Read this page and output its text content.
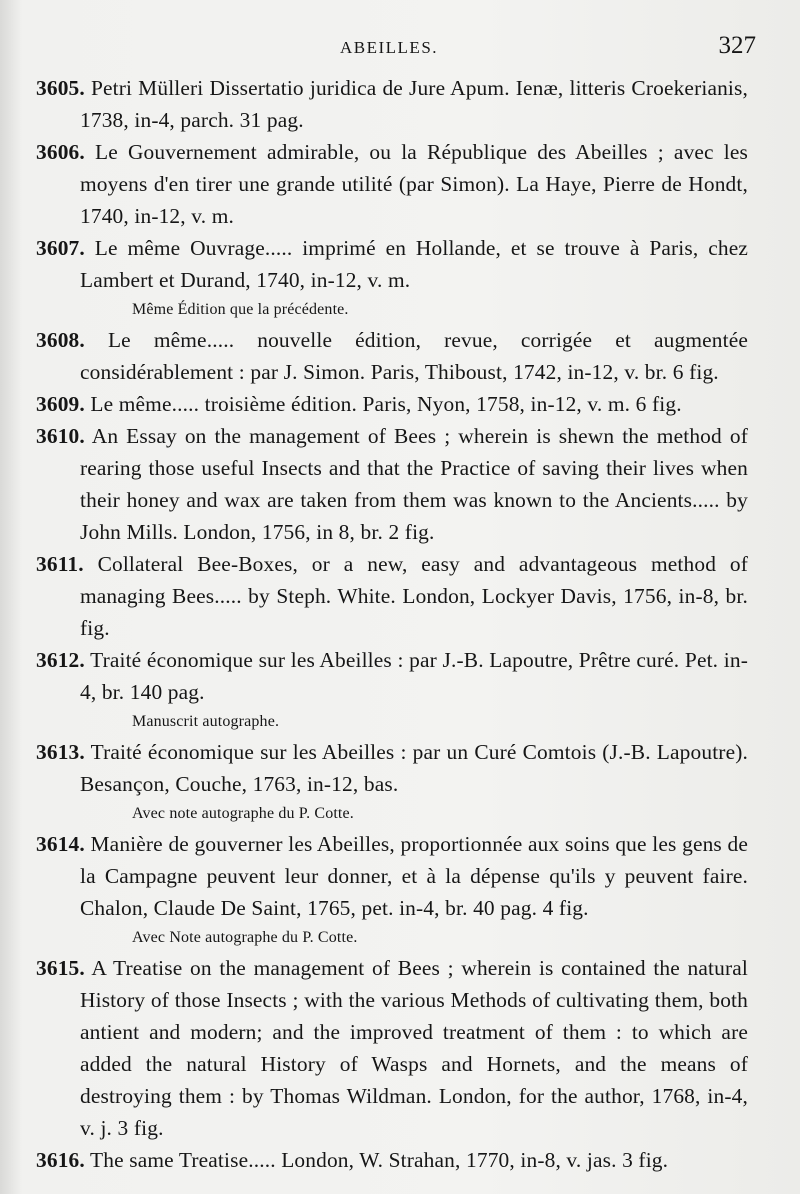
ABEILLES.	327
3605. Petri Mülleri Dissertatio juridica de Jure Apum. Ienæ, litteris Croekerianis, 1738, in-4, parch. 31 pag.
3606. Le Gouvernement admirable, ou la République des Abeilles ; avec les moyens d'en tirer une grande utilité (par Simon). La Haye, Pierre de Hondt, 1740, in-12, v. m.
3607. Le même Ouvrage..... imprimé en Hollande, et se trouve à Paris, chez Lambert et Durand, 1740, in-12, v. m.
Même Édition que la précédente.
3608. Le même..... nouvelle édition, revue, corrigée et augmentée considérablement : par J. Simon. Paris, Thiboust, 1742, in-12, v. br. 6 fig.
3609. Le même..... troisième édition. Paris, Nyon, 1758, in-12, v. m. 6 fig.
3610. An Essay on the management of Bees ; wherein is shewn the method of rearing those useful Insects and that the Practice of saving their lives when their honey and wax are taken from them was known to the Ancients..... by John Mills. London, 1756, in 8, br. 2 fig.
3611. Collateral Bee-Boxes, or a new, easy and advantageous method of managing Bees..... by Steph. White. London, Lockyer Davis, 1756, in-8, br. fig.
3612. Traité économique sur les Abeilles : par J.-B. Lapoutre, Prêtre curé. Pet. in-4, br. 140 pag.
Manuscrit autographe.
3613. Traité économique sur les Abeilles : par un Curé Comtois (J.-B. Lapoutre). Besançon, Couche, 1763, in-12, bas.
Avec note autographe du P. Cotte.
3614. Manière de gouverner les Abeilles, proportionnée aux soins que les gens de la Campagne peuvent leur donner, et à la dépense qu'ils y peuvent faire. Chalon, Claude De Saint, 1765, pet. in-4, br. 40 pag. 4 fig.
Avec Note autographe du P. Cotte.
3615. A Treatise on the management of Bees ; wherein is contained the natural History of those Insects ; with the various Methods of cultivating them, both antient and modern; and the improved treatment of them : to which are added the natural History of Wasps and Hornets, and the means of destroying them : by Thomas Wildman. London, for the author, 1768, in-4, v. j. 3 fig.
3616. The same Treatise..... London, W. Strahan, 1770, in-8, v. jas. 3 fig.
